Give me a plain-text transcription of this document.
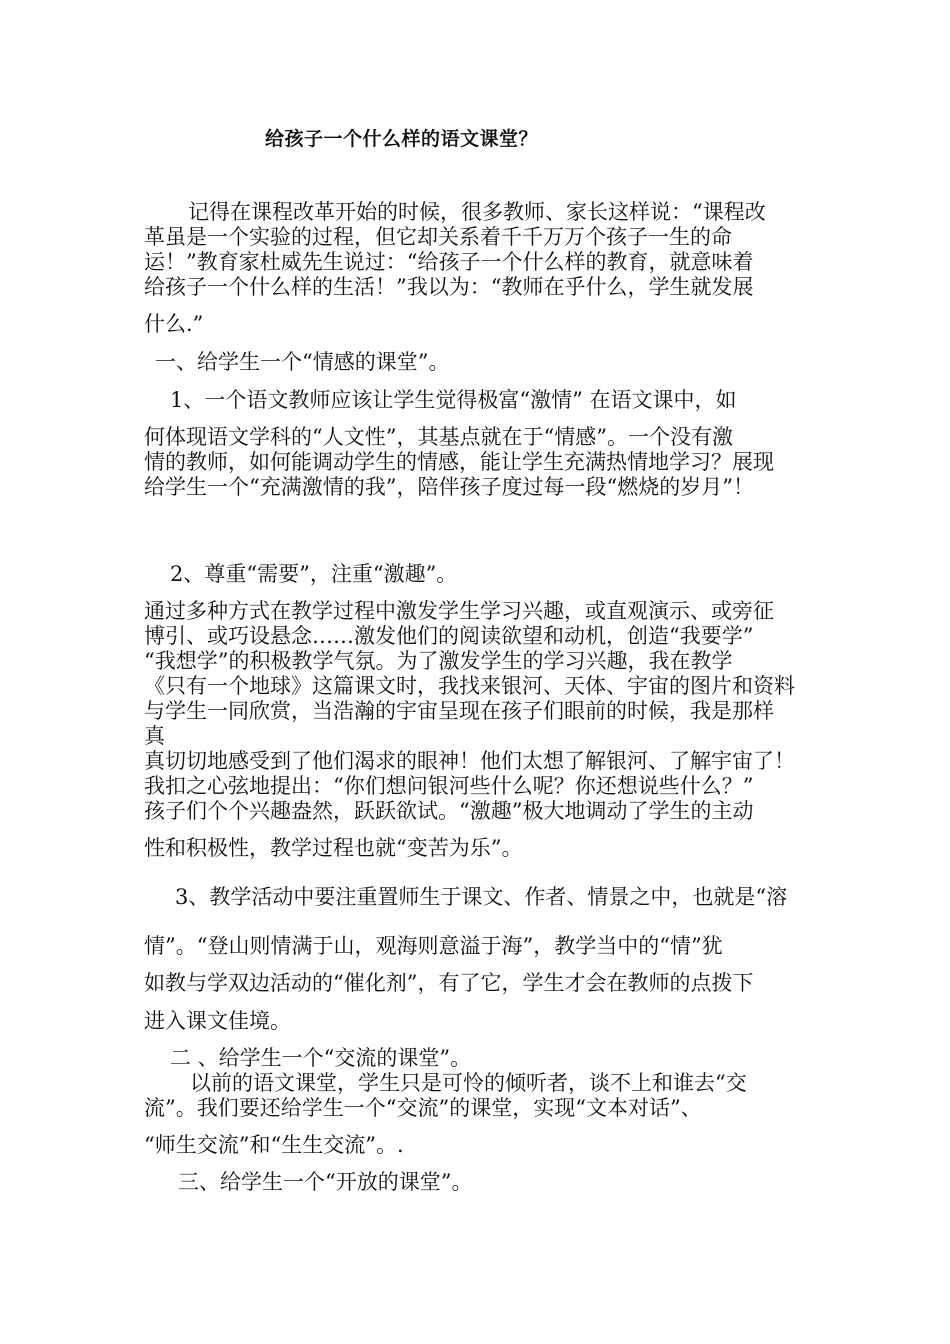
给孩子一个什么样的语文课堂？
记得在课程改革开始的时候，很多教师、家长这样说：“课程改
革虽是一个实验的过程，但它却关系着千千万万个孩子一生的命
运！”教育家杜威先生说过：“给孩子一个什么样的教育，就意味着
给孩子一个什么样的生活！”我以为：“教师在乎什么，学生就发展
什么.”
一、给学生一个“情感的课堂”。
1、一个语文教师应该让学生觉得极富“激情” 在语文课中，如
何体现语文学科的“人文性”，其基点就在于“情感”。一个没有激
情的教师，如何能调动学生的情感，能让学生充满热情地学习？展现
给学生一个“充满激情的我”，陪伴孩子度过每一段“燃烧的岁月”！
2、尊重“需要”，注重“激趣”。
通过多种方式在教学过程中激发学生学习兴趣，或直观演示、或旁征
博引、或巧设悬念……激发他们的阅读欲望和动机，创造“我要学”
“我想学”的积极教学气氛。为了激发学生的学习兴趣，我在教学
《只有一个地球》这篇课文时，我找来银河、天体、宇宙的图片和资料
与学生一同欣赏，当浩瀚的宇宙呈现在孩子们眼前的时候，我是那样
真
真切切地感受到了他们渴求的眼神！他们太想了解银河、了解宇宙了！
我扣之心弦地提出：“你们想问银河些什么呢？你还想说些什么？”
孩子们个个兴趣盎然，跃跃欲试。“激趣”极大地调动了学生的主动
性和积极性，教学过程也就“变苦为乐”。
3、教学活动中要注重置师生于课文、作者、情景之中，也就是“溶
情”。“登山则情满于山，观海则意溢于海”，教学当中的“情”犹
如教与学双边活动的“催化剂”，有了它，学生才会在教师的点拨下
进入课文佳境。
二 、给学生一个“交流的课堂”。
以前的语文课堂，学生只是可怜的倾听者，谈不上和谁去“交
流”。我们要还给学生一个“交流”的课堂，实现“文本对话”、
“师生交流”和“生生交流”。.
三、给学生一个“开放的课堂”。
